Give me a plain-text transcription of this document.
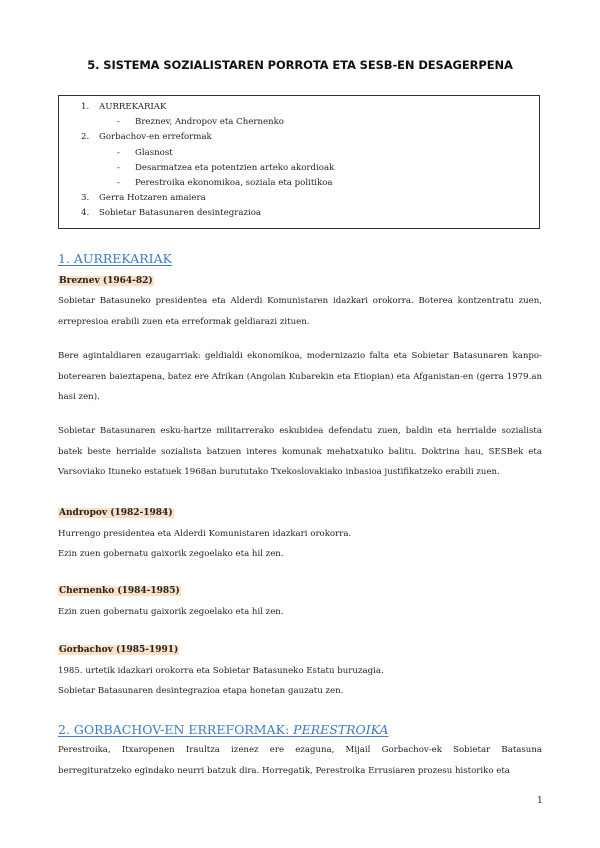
5. SISTEMA SOZIALISTAREN PORROTA ETA SESB-EN DESAGERPENA
1. AURREKARIAK
- Breznev, Andropov eta Chernenko
2. Gorbachov-en erreformak
- Glasnost
- Desarmatzea eta potentzien arteko akordioak
- Perestroika ekonomikoa, soziala eta politikoa
3. Gerra Hotzaren amaiera
4. Sobietar Batasunaren desintegrazioa
1. AURREKARIAK
Breznev (1964-82)

Sobietar Batasuneko presidentea eta Alderdi Komunistaren idazkari orokorra. Boterea kontzentratu zuen, errepresioa erabili zuen eta erreformak geldiarazi zituen.

Bere agintaldiaren ezaugarriak: geldialdi ekonomikoa, modernizazio falta eta Sobietar Batasunaren kanpo-boterearen baieztapena, batez ere Afrikan (Angolan Kubarekin eta Etiopian) eta Afganistan-en (gerra 1979.an hasi zen).

Sobietar Batasunaren esku-hartze militarrerako eskubidea defendatu zuen, baldin eta herrialde sozialista batek beste herrialde sozialista batzuen interes komunak mehatxatuko balitu. Doktrina hau, SESBek eta Varsoviako Ituneko estatuek 1968an burututako Txekoslovakiako inbasioa justifikatzeko erabili zuen.

Andropov (1982-1984)
Hurrengo presidentea eta Alderdi Komunistaren idazkari orokorra.
Ezin zuen gobernatu gaixorik zegoelako eta hil zen.
Chernenko (1984-1985)
Ezin zuen gobernatu gaixorik zegoelako eta hil zen.
Gorbachov (1985-1991)
1985. urtetik idazkari orokorra eta Sobietar Batasuneko Estatu buruzagia.
Sobietar Batasunaren desintegrazioa etapa honetan gauzatu zen.
2. GORBACHOV-EN ERREFORMAK: PERESTROIKA

Perestroika, Itxaropenen Iraultza izenez ere ezaguna, Mijail Gorbachov-ek Sobietar Batasuna berregituratzeko egindako neurri batzuk dira. Horregatik, Perestroika Errusiaren prozesu historiko eta

1
